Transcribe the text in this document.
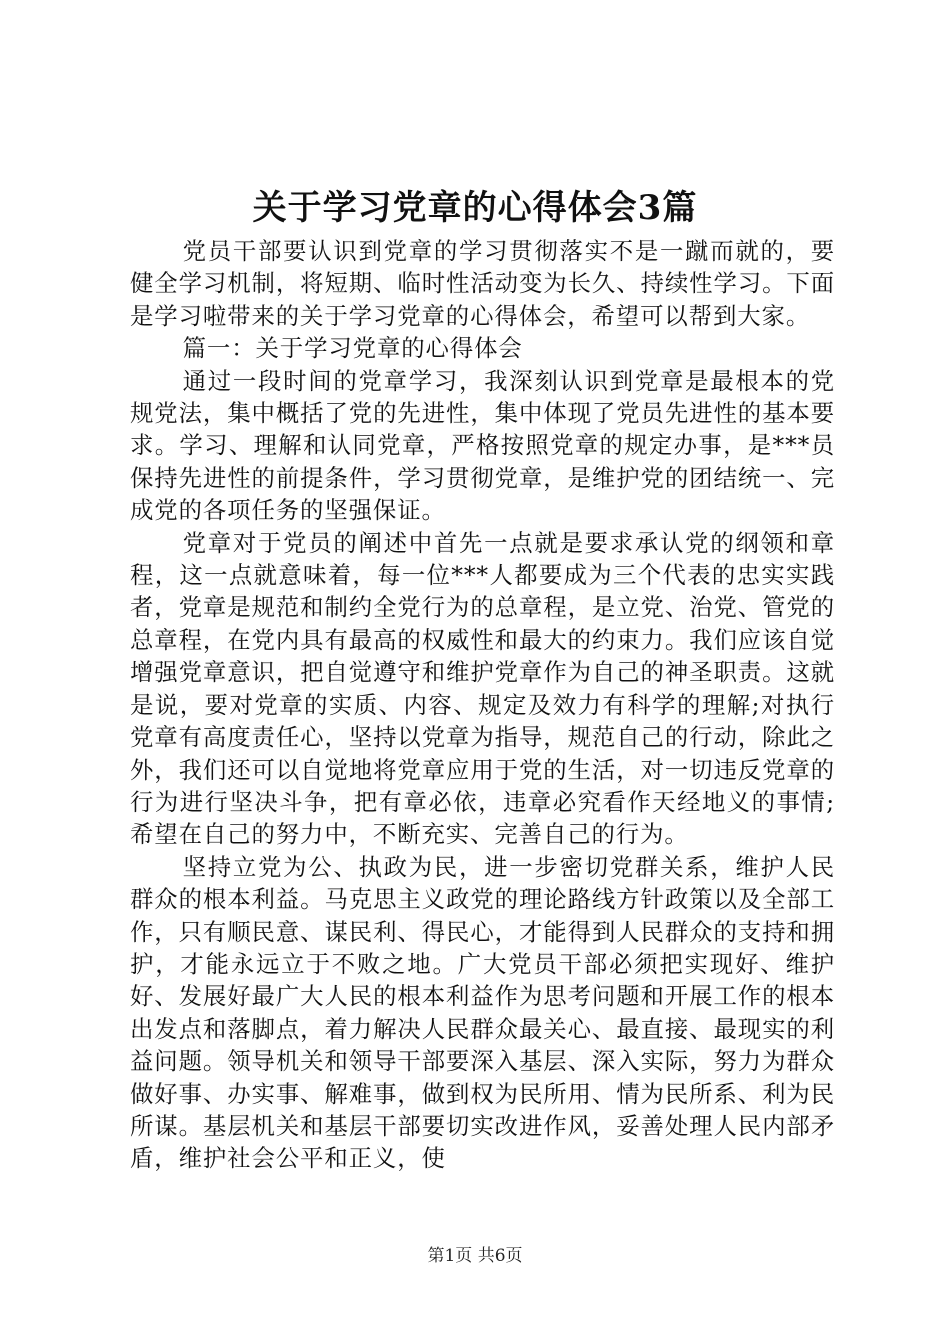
关于学习党章的心得体会3篇

党员干部要认识到党章的学习贯彻落实不是一蹴而就的，要健全学习机制，将短期、临时性活动变为长久、持续性学习。下面是学习啦带来的关于学习党章的心得体会，希望可以帮到大家。

篇一：关于学习党章的心得体会

通过一段时间的党章学习，我深刻认识到党章是最根本的党规党法，集中概括了党的先进性，集中体现了党员先进性的基本要求。学习、理解和认同党章，严格按照党章的规定办事，是***员保持先进性的前提条件，学习贯彻党章，是维护党的团结统一、完成党的各项任务的坚强保证。

党章对于党员的阐述中首先一点就是要求承认党的纲领和章程，这一点就意味着，每一位***人都要成为三个代表的忠实实践者，党章是规范和制约全党行为的总章程，是立党、治党、管党的总章程，在党内具有最高的权威性和最大的约束力。我们应该自觉增强党章意识，把自觉遵守和维护党章作为自己的神圣职责。这就是说，要对党章的实质、内容、规定及效力有科学的理解;对执行党章有高度责任心，坚持以党章为指导，规范自己的行动，除此之外，我们还可以自觉地将党章应用于党的生活，对一切违反党章的行为进行坚决斗争，把有章必依，违章必究看作天经地义的事情;希望在自己的努力中，不断充实、完善自己的行为。

坚持立党为公、执政为民，进一步密切党群关系，维护人民群众的根本利益。马克思主义政党的理论路线方针政策以及全部工作，只有顺民意、谋民利、得民心，才能得到人民群众的支持和拥护，才能永远立于不败之地。广大党员干部必须把实现好、维护好、发展好最广大人民的根本利益作为思考问题和开展工作的根本出发点和落脚点，着力解决人民群众最关心、最直接、最现实的利益问题。领导机关和领导干部要深入基层、深入实际，努力为群众做好事、办实事、解难事，做到权为民所用、情为民所系、利为民所谋。基层机关和基层干部要切实改进作风，妥善处理人民内部矛盾，维护社会公平和正义，使

第1页 共6页
